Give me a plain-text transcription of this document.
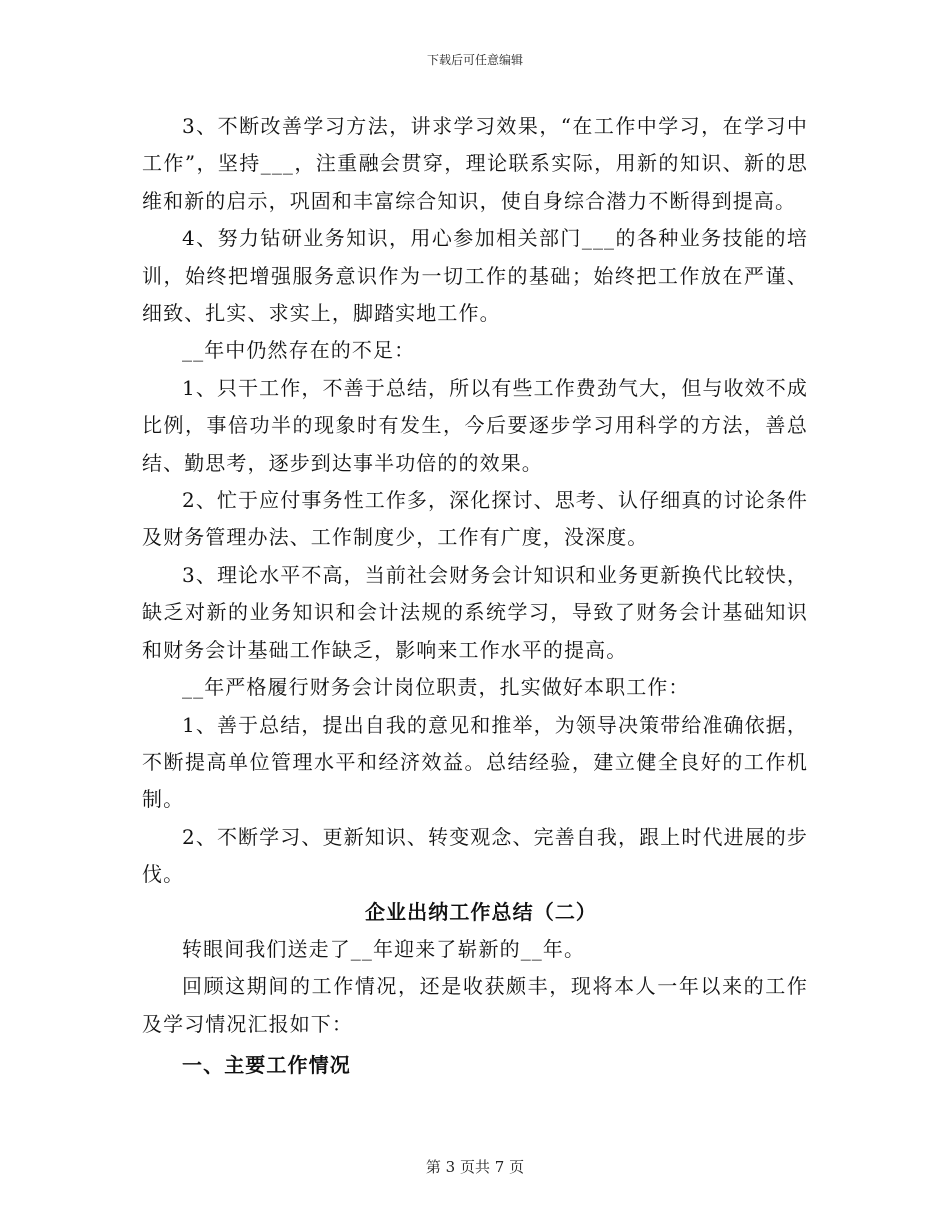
下载后可任意编辑

3、不断改善学习方法，讲求学习效果，“在工作中学习，在学习中工作”，坚持___，注重融会贯穿，理论联系实际，用新的知识、新的思维和新的启示，巩固和丰富综合知识，使自身综合潜力不断得到提高。

4、努力钻研业务知识，用心参加相关部门___的各种业务技能的培训，始终把增强服务意识作为一切工作的基础；始终把工作放在严谨、细致、扎实、求实上，脚踏实地工作。

__年中仍然存在的不足：

1、只干工作，不善于总结，所以有些工作费劲气大，但与收效不成比例，事倍功半的现象时有发生，今后要逐步学习用科学的方法，善总结、勤思考，逐步到达事半功倍的的效果。

2、忙于应付事务性工作多，深化探讨、思考、认仔细真的讨论条件及财务管理办法、工作制度少，工作有广度，没深度。

3、理论水平不高，当前社会财务会计知识和业务更新换代比较快，缺乏对新的业务知识和会计法规的系统学习，导致了财务会计基础知识和财务会计基础工作缺乏，影响来工作水平的提高。

__年严格履行财务会计岗位职责，扎实做好本职工作：

1、善于总结，提出自我的意见和推举，为领导决策带给准确依据，不断提高单位管理水平和经济效益。总结经验，建立健全良好的工作机制。

2、不断学习、更新知识、转变观念、完善自我，跟上时代进展的步伐。

企业出纳工作总结（二）

转眼间我们送走了__年迎来了崭新的__年。

回顾这期间的工作情况，还是收获颇丰，现将本人一年以来的工作及学习情况汇报如下：

一、主要工作情况

第 3 页共 7 页
